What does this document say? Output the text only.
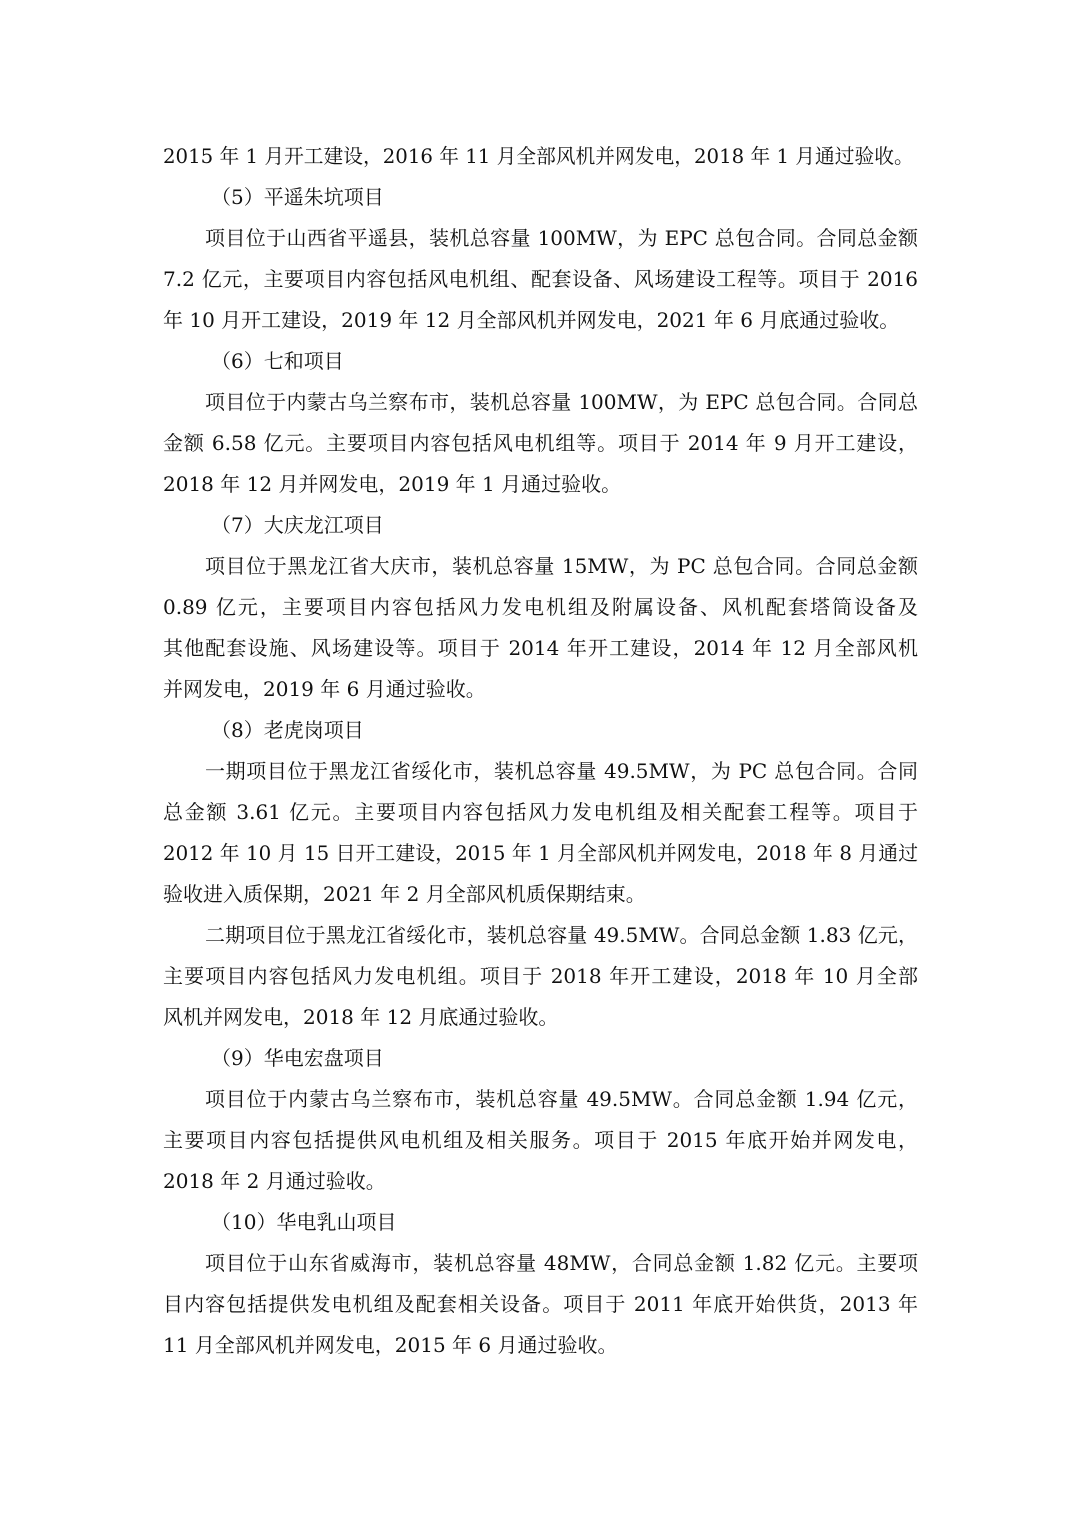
2015 年 1 月开工建设，2016 年 11 月全部风机并网发电，2018 年 1 月通过验收。
（5）平遥朱坑项目
项目位于山西省平遥县，装机总容量 100MW，为 EPC 总包合同。合同总金额
7.2 亿元，主要项目内容包括风电机组、配套设备、风场建设工程等。项目于 2016
年 10 月开工建设，2019 年 12 月全部风机并网发电，2021 年 6 月底通过验收。
（6）七和项目
项目位于内蒙古乌兰察布市，装机总容量 100MW，为 EPC 总包合同。合同总
金额 6.58 亿元。主要项目内容包括风电机组等。项目于 2014 年 9 月开工建设，
2018 年 12 月并网发电，2019 年 1 月通过验收。
（7）大庆龙江项目
项目位于黑龙江省大庆市，装机总容量 15MW，为 PC 总包合同。合同总金额
0.89 亿元，主要项目内容包括风力发电机组及附属设备、风机配套塔筒设备及
其他配套设施、风场建设等。项目于 2014 年开工建设，2014 年 12 月全部风机
并网发电，2019 年 6 月通过验收。
（8）老虎岗项目
一期项目位于黑龙江省绥化市，装机总容量 49.5MW，为 PC 总包合同。合同
总金额 3.61 亿元。主要项目内容包括风力发电机组及相关配套工程等。项目于
2012 年 10 月 15 日开工建设，2015 年 1 月全部风机并网发电，2018 年 8 月通过
验收进入质保期，2021 年 2 月全部风机质保期结束。
二期项目位于黑龙江省绥化市，装机总容量 49.5MW。合同总金额 1.83 亿元，
主要项目内容包括风力发电机组。项目于 2018 年开工建设，2018 年 10 月全部
风机并网发电，2018 年 12 月底通过验收。
（9）华电宏盘项目
项目位于内蒙古乌兰察布市，装机总容量 49.5MW。合同总金额 1.94 亿元，
主要项目内容包括提供风电机组及相关服务。项目于 2015 年底开始并网发电，
2018 年 2 月通过验收。
（10）华电乳山项目
项目位于山东省威海市，装机总容量 48MW，合同总金额 1.82 亿元。主要项
目内容包括提供发电机组及配套相关设备。项目于 2011 年底开始供货，2013 年
11 月全部风机并网发电，2015 年 6 月通过验收。
